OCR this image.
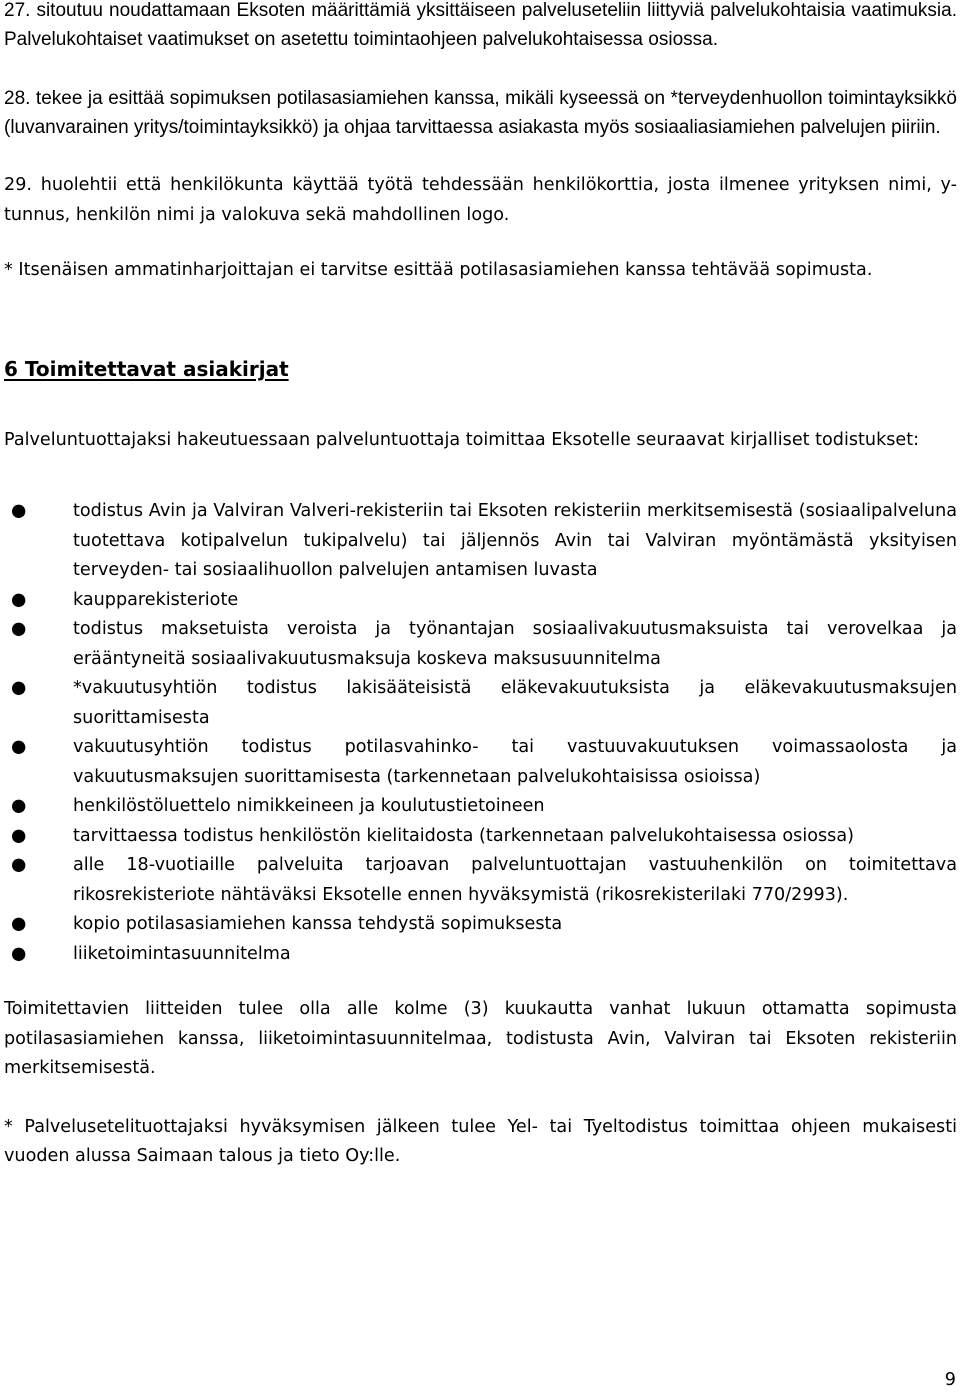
27. sitoutuu noudattamaan Eksoten määrittämiä yksittäiseen palveluseteliin liittyviä palvelukohtaisia vaatimuksia. Palvelukohtaiset vaatimukset on asetettu toimintaohjeen palvelukohtaisessa osiossa.

28. tekee ja esittää sopimuksen potilasasiamiehen kanssa, mikäli kyseessä on *terveydenhuollon toimintayksikkö (luvanvarainen yritys/toimintayksikkö) ja ohjaa tarvittaessa asiakasta myös sosiaaliasiamiehen palvelujen piiriin.

29. huolehtii että henkilökunta käyttää työtä tehdessään henkilökorttia, josta ilmenee yrityksen nimi, y-tunnus, henkilön nimi ja valokuva sekä mahdollinen logo.

* Itsenäisen ammatinharjoittajan ei tarvitse esittää potilasasiamiehen kanssa tehtävää sopimusta.

6 Toimitettavat asiakirjat

Palveluntuottajaksi hakeutuessaan palveluntuottaja toimittaa Eksotelle seuraavat kirjalliset todistukset:

●	todistus Avin ja Valviran Valveri-rekisteriin tai Eksoten rekisteriin merkitsemisestä (sosiaalipalveluna tuotettava kotipalvelun tukipalvelu) tai jäljennös Avin tai Valviran myöntämästä yksityisen terveyden- tai sosiaalihuollon palvelujen antamisen luvasta
●	kaupparekisteriote
●	todistus maksetuista veroista ja työnantajan sosiaalivakuutusmaksuista tai verovelkaa ja erääntyneitä sosiaalivakuutusmaksuja koskeva maksusuunnitelma
●	*vakuutusyhtiön todistus lakisääteisistä eläkevakuutuksista ja eläkevakuutusmaksujen suorittamisesta
●	vakuutusyhtiön todistus potilasvahinko- tai vastuuvakuutuksen voimassaolosta ja vakuutusmaksujen suorittamisesta (tarkennetaan palvelukohtaisissa osioissa)
●	henkilöstöluettelo nimikkeineen ja koulutustietoineen
●	tarvittaessa todistus henkilöstön kielitaidosta (tarkennetaan palvelukohtaisessa osiossa)
●	alle 18-vuotiaille palveluita tarjoavan palveluntuottajan vastuuhenkilön on toimitettava rikosrekisteriote nähtäväksi Eksotelle ennen hyväksymistä (rikosrekisterilaki 770/2993).
●	kopio potilasasiamiehen kanssa tehdystä sopimuksesta
●	liiketoimintasuunnitelma

Toimitettavien liitteiden tulee olla alle kolme (3) kuukautta vanhat lukuun ottamatta sopimusta potilasasiamiehen kanssa, liiketoimintasuunnitelmaa, todistusta Avin, Valviran tai Eksoten rekisteriin merkitsemisestä.

* Palvelusetelituottajaksi hyväksymisen jälkeen tulee Yel- tai Tyeltodistus toimittaa ohjeen mukaisesti vuoden alussa Saimaan talous ja tieto Oy:lle.

9
